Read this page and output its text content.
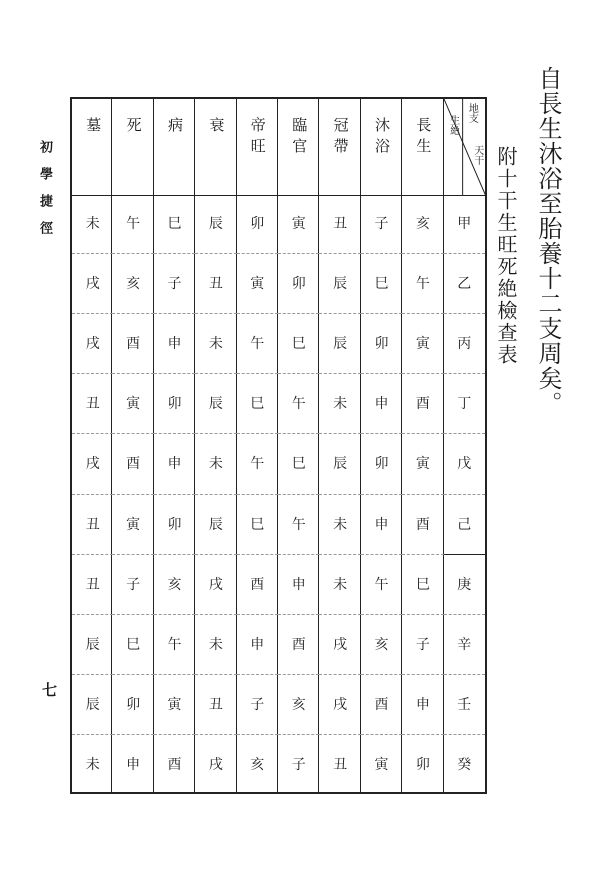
自長生沐浴至胎養十二支周矣。
附十干生旺死絶檢查表
初學捷徑
七
地支
天干
生絶
甲
乙
丙
丁
戊
己
庚
辛
壬
癸
長生
亥
午
寅
酉
寅
酉
巳
子
申
卯
沐浴
子
巳
卯
申
卯
申
午
亥
酉
寅
冠帶
丑
辰
辰
未
辰
未
未
戌
戌
丑
臨官
寅
卯
巳
午
巳
午
申
酉
亥
子
帝旺
卯
寅
午
巳
午
巳
酉
申
子
亥
衰
辰
丑
未
辰
未
辰
戌
未
丑
戌
病
巳
子
申
卯
申
卯
亥
午
寅
酉
死
午
亥
酉
寅
酉
寅
子
巳
卯
申
墓
未
戌
戌
丑
戌
丑
丑
辰
辰
未
